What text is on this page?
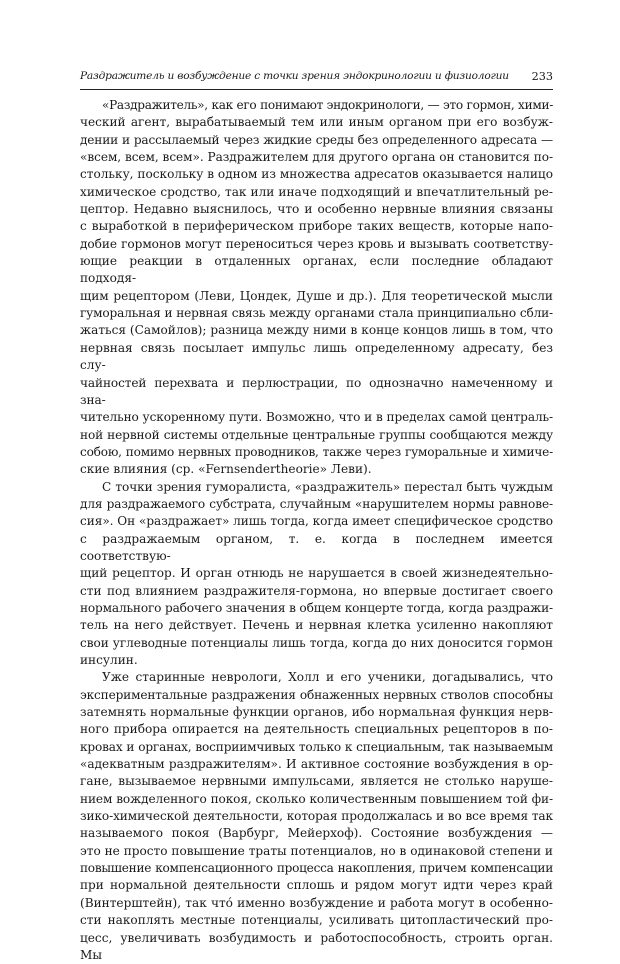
Раздражитель и возбуждение с точки зрения эндокринологии и физиологии 233

«Раздражитель», как его понимают эндокринологи, — это гормон, хими-

ческий агент, вырабатываемый тем или иным органом при его возбуж-

дении и рассылаемый через жидкие среды без определенного адресата —

«всем, всем, всем». Раздражителем для другого органа он становится по-

стольку, поскольку в одном из множества адресатов оказывается налицо

химическое сродство, так или иначе подходящий и впечатлительный ре-

цептор. Недавно выяснилось, что и особенно нервные влияния связаны

с выработкой в периферическом приборе таких веществ, которые напо-

добие гормонов могут переноситься через кровь и вызывать соответству-

ющие реакции в отдаленных органах, если последние обладают подходя-

щим рецептором (Леви, Цондек, Душе и др.). Для теоретической мысли

гуморальная и нервная связь между органами стала принципиально сбли-

жаться (Самойлов); разница между ними в конце концов лишь в том, что

нервная связь посылает импульс лишь определенному адресату, без слу-

чайностей перехвата и перлюстрации, по однозначно намеченному и зна-

чительно ускоренному пути. Возможно, что и в пределах самой централь-

ной нервной системы отдельные центральные группы сообщаются между

собою, помимо нервных проводников, также через гуморальные и химиче-

ские влияния (ср. «Fernsendertheorie» Леви).

С точки зрения гуморалиста, «раздражитель» перестал быть чуждым

для раздражаемого субстрата, случайным «нарушителем нормы равнове-

сия». Он «раздражает» лишь тогда, когда имеет специфическое сродство

с раздражаемым органом, т. е. когда в последнем имеется соответствую-

щий рецептор. И орган отнюдь не нарушается в своей жизнедеятельно-

сти под влиянием раздражителя-гормона, но впервые достигает своего

нормального рабочего значения в общем концерте тогда, когда раздражи-

тель на него действует. Печень и нервная клетка усиленно накопляют

свои углеводные потенциалы лишь тогда, когда до них доносится гормон

инсулин.

Уже старинные неврологи, Холл и его ученики, догадывались, что

экспериментальные раздражения обнаженных нервных стволов способны

затемнять нормальные функции органов, ибо нормальная функция нерв-

ного прибора опирается на деятельность специальных рецепторов в по-

кровах и органах, восприимчивых только к специальным, так называемым

«адекватным раздражителям». И активное состояние возбуждения в ор-

гане, вызываемое нервными импульсами, является не столько наруше-

нием вожделенного покоя, сколько количественным повышением той фи-

зико-химической деятельности, которая продолжалась и во все время так

называемого покоя (Варбург, Мейерхоф). Состояние возбуждения —

это не просто повышение траты потенциалов, но в одинаковой степени и

повышение компенсационного процесса накопления, причем компенсации

при нормальной деятельности сплошь и рядом могут идти через край

(Винтерштейн), так что́ именно возбуждение и работа могут в особенно-

сти накоплять местные потенциалы, усиливать цитопластический про-

цесс, увеличивать возбудимость и работоспособность, строить орган. Мы
